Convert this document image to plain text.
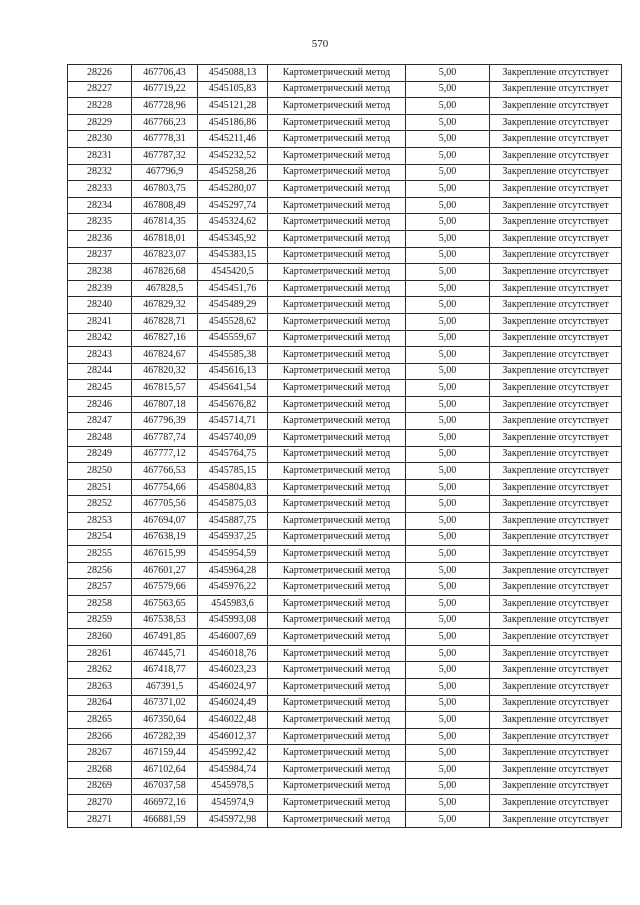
570
28226	467706,43	4545088,13	Картометрический метод	5,00	Закрепление отсутствует
28227	467719,22	4545105,83	Картометрический метод	5,00	Закрепление отсутствует
28228	467728,96	4545121,28	Картометрический метод	5,00	Закрепление отсутствует
28229	467766,23	4545186,86	Картометрический метод	5,00	Закрепление отсутствует
28230	467778,31	4545211,46	Картометрический метод	5,00	Закрепление отсутствует
28231	467787,32	4545232,52	Картометрический метод	5,00	Закрепление отсутствует
28232	467796,9	4545258,26	Картометрический метод	5,00	Закрепление отсутствует
28233	467803,75	4545280,07	Картометрический метод	5,00	Закрепление отсутствует
28234	467808,49	4545297,74	Картометрический метод	5,00	Закрепление отсутствует
28235	467814,35	4545324,62	Картометрический метод	5,00	Закрепление отсутствует
28236	467818,01	4545345,92	Картометрический метод	5,00	Закрепление отсутствует
28237	467823,07	4545383,15	Картометрический метод	5,00	Закрепление отсутствует
28238	467826,68	4545420,5	Картометрический метод	5,00	Закрепление отсутствует
28239	467828,5	4545451,76	Картометрический метод	5,00	Закрепление отсутствует
28240	467829,32	4545489,29	Картометрический метод	5,00	Закрепление отсутствует
28241	467828,71	4545528,62	Картометрический метод	5,00	Закрепление отсутствует
28242	467827,16	4545559,67	Картометрический метод	5,00	Закрепление отсутствует
28243	467824,67	4545585,38	Картометрический метод	5,00	Закрепление отсутствует
28244	467820,32	4545616,13	Картометрический метод	5,00	Закрепление отсутствует
28245	467815,57	4545641,54	Картометрический метод	5,00	Закрепление отсутствует
28246	467807,18	4545676,82	Картометрический метод	5,00	Закрепление отсутствует
28247	467796,39	4545714,71	Картометрический метод	5,00	Закрепление отсутствует
28248	467787,74	4545740,09	Картометрический метод	5,00	Закрепление отсутствует
28249	467777,12	4545764,75	Картометрический метод	5,00	Закрепление отсутствует
28250	467766,53	4545785,15	Картометрический метод	5,00	Закрепление отсутствует
28251	467754,66	4545804,83	Картометрический метод	5,00	Закрепление отсутствует
28252	467705,56	4545875,03	Картометрический метод	5,00	Закрепление отсутствует
28253	467694,07	4545887,75	Картометрический метод	5,00	Закрепление отсутствует
28254	467638,19	4545937,25	Картометрический метод	5,00	Закрепление отсутствует
28255	467615,99	4545954,59	Картометрический метод	5,00	Закрепление отсутствует
28256	467601,27	4545964,28	Картометрический метод	5,00	Закрепление отсутствует
28257	467579,66	4545976,22	Картометрический метод	5,00	Закрепление отсутствует
28258	467563,65	4545983,6	Картометрический метод	5,00	Закрепление отсутствует
28259	467538,53	4545993,08	Картометрический метод	5,00	Закрепление отсутствует
28260	467491,85	4546007,69	Картометрический метод	5,00	Закрепление отсутствует
28261	467445,71	4546018,76	Картометрический метод	5,00	Закрепление отсутствует
28262	467418,77	4546023,23	Картометрический метод	5,00	Закрепление отсутствует
28263	467391,5	4546024,97	Картометрический метод	5,00	Закрепление отсутствует
28264	467371,02	4546024,49	Картометрический метод	5,00	Закрепление отсутствует
28265	467350,64	4546022,48	Картометрический метод	5,00	Закрепление отсутствует
28266	467282,39	4546012,37	Картометрический метод	5,00	Закрепление отсутствует
28267	467159,44	4545992,42	Картометрический метод	5,00	Закрепление отсутствует
28268	467102,64	4545984,74	Картометрический метод	5,00	Закрепление отсутствует
28269	467037,58	4545978,5	Картометрический метод	5,00	Закрепление отсутствует
28270	466972,16	4545974,9	Картометрический метод	5,00	Закрепление отсутствует
28271	466881,59	4545972,98	Картометрический метод	5,00	Закрепление отсутствует
